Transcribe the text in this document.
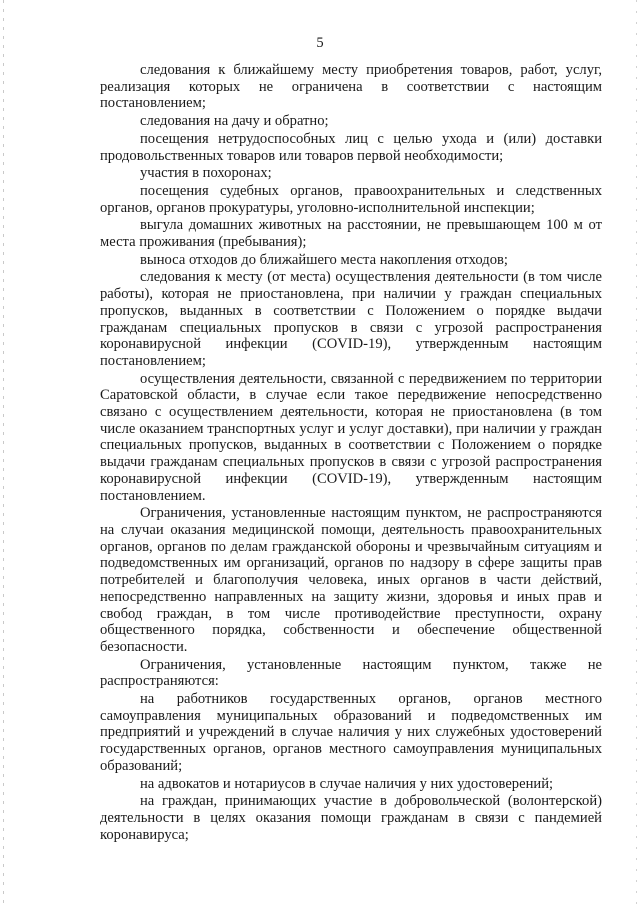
5

следования к ближайшему месту приобретения товаров, работ, услуг, реализация которых не ограничена в соответствии с настоящим постановлением;

следования на дачу и обратно;

посещения нетрудоспособных лиц с целью ухода и (или) доставки продовольственных товаров или товаров первой необходимости;

участия в похоронах;

посещения судебных органов, правоохранительных и следственных органов, органов прокуратуры, уголовно-исполнительной инспекции;

выгула домашних животных на расстоянии, не превышающем 100 м от места проживания (пребывания);

выноса отходов до ближайшего места накопления отходов;

следования к месту (от места) осуществления деятельности (в том числе работы), которая не приостановлена, при наличии у граждан специальных пропусков, выданных в соответствии с Положением о порядке выдачи гражданам специальных пропусков в связи с угрозой распространения коронавирусной инфекции (COVID-19), утвержденным настоящим постановлением;

осуществления деятельности, связанной с передвижением по территории Саратовской области, в случае если такое передвижение непосредственно связано с осуществлением деятельности, которая не приостановлена (в том числе оказанием транспортных услуг и услуг доставки), при наличии у граждан специальных пропусков, выданных в соответствии с Положением о порядке выдачи гражданам специальных пропусков в связи с угрозой распространения коронавирусной инфекции (COVID-19), утвержденным настоящим постановлением.

Ограничения, установленные настоящим пунктом, не распространяются на случаи оказания медицинской помощи, деятельность правоохранительных органов, органов по делам гражданской обороны и чрезвычайным ситуациям и подведомственных им организаций, органов по надзору в сфере защиты прав потребителей и благополучия человека, иных органов в части действий, непосредственно направленных на защиту жизни, здоровья и иных прав и свобод граждан, в том числе противодействие преступности, охрану общественного порядка, собственности и обеспечение общественной безопасности.

Ограничения, установленные настоящим пунктом, также не распространяются:

на работников государственных органов, органов местного самоуправления муниципальных образований и подведомственных им предприятий и учреждений в случае наличия у них служебных удостоверений государственных органов, органов местного самоуправления муниципальных образований;

на адвокатов и нотариусов в случае наличия у них удостоверений;

на граждан, принимающих участие в добровольческой (волонтерской) деятельности в целях оказания помощи гражданам в связи с пандемией коронавируса;
